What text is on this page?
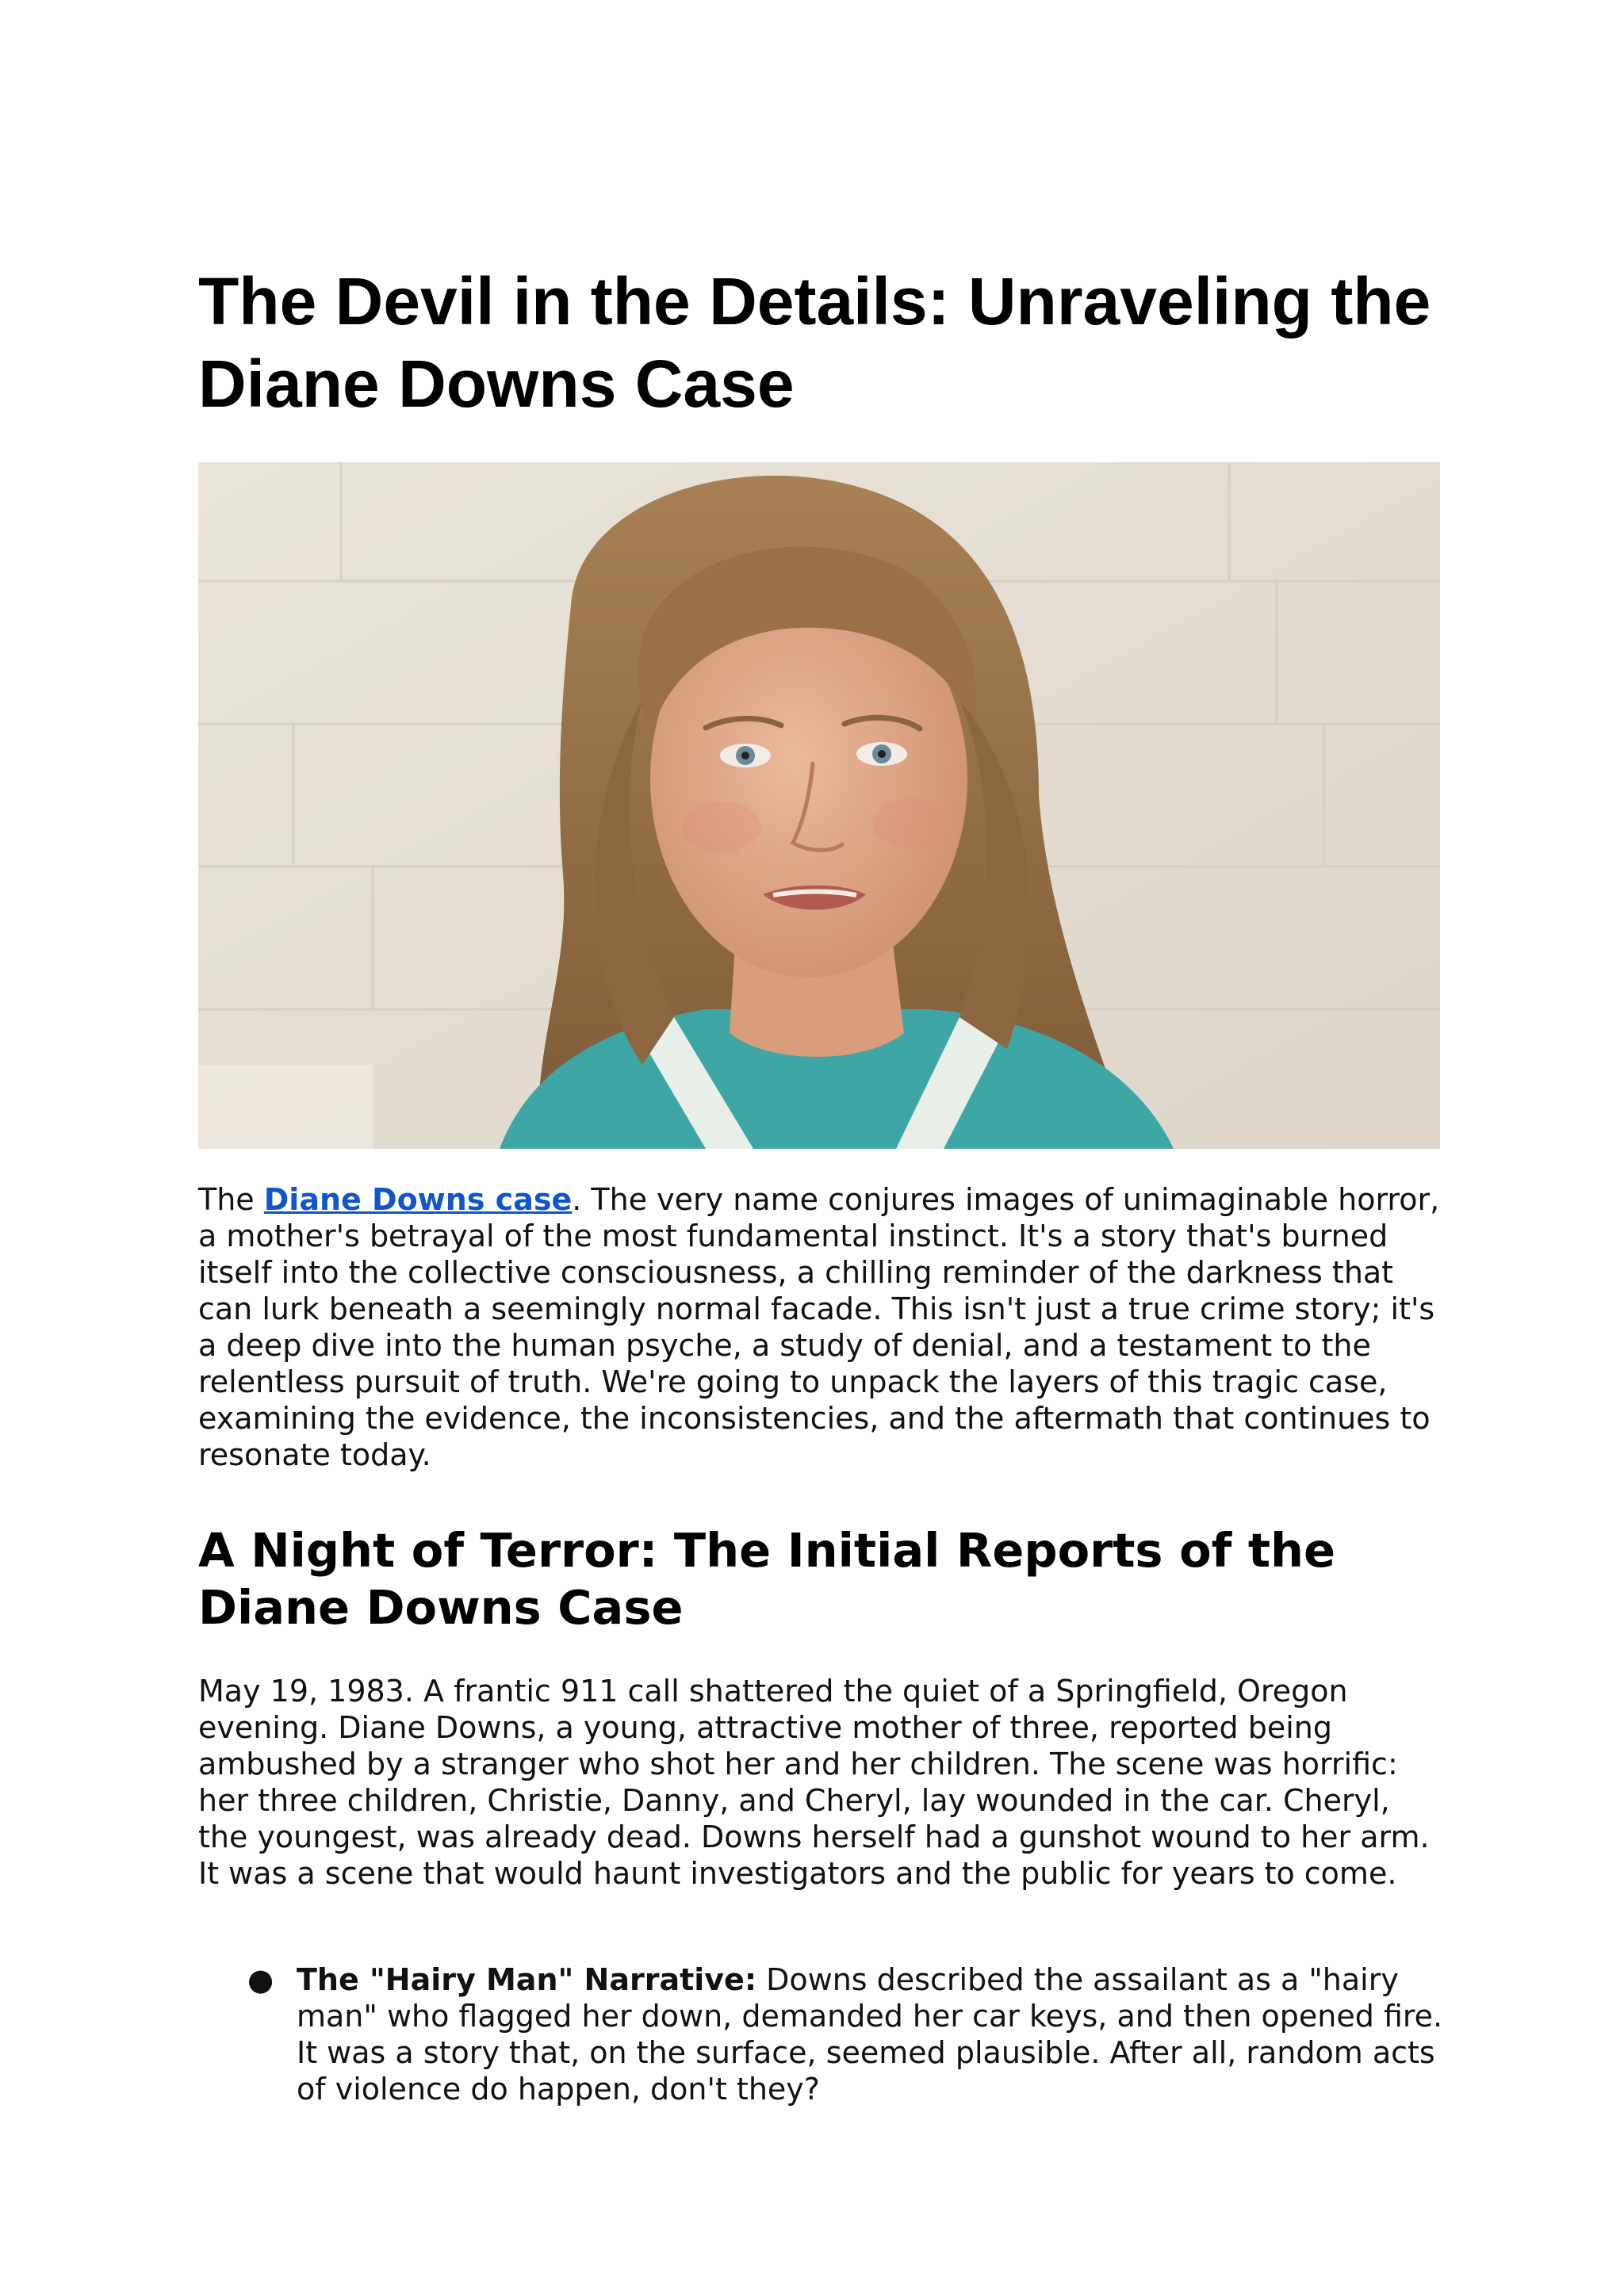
The Devil in the Details: Unraveling the Diane Downs Case

The Diane Downs case. The very name conjures images of unimaginable horror, a mother's betrayal of the most fundamental instinct. It's a story that's burned itself into the collective consciousness, a chilling reminder of the darkness that can lurk beneath a seemingly normal facade. This isn't just a true crime story; it's a deep dive into the human psyche, a study of denial, and a testament to the relentless pursuit of truth. We're going to unpack the layers of this tragic case, examining the evidence, the inconsistencies, and the aftermath that continues to resonate today.

A Night of Terror: The Initial Reports of the Diane Downs Case

May 19, 1983. A frantic 911 call shattered the quiet of a Springfield, Oregon evening. Diane Downs, a young, attractive mother of three, reported being ambushed by a stranger who shot her and her children. The scene was horrific: her three children, Christie, Danny, and Cheryl, lay wounded in the car. Cheryl, the youngest, was already dead. Downs herself had a gunshot wound to her arm. It was a scene that would haunt investigators and the public for years to come.

● The "Hairy Man" Narrative: Downs described the assailant as a "hairy man" who flagged her down, demanded her car keys, and then opened fire. It was a story that, on the surface, seemed plausible. After all, random acts of violence do happen, don't they?
